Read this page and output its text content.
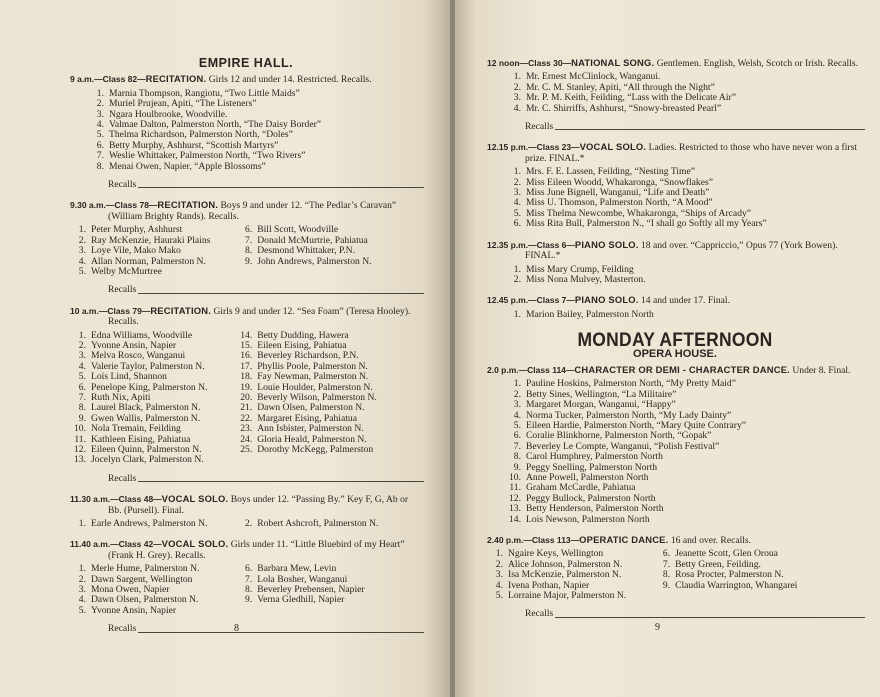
EMPIRE HALL.
9 a.m.—Class 82—RECITATION. Girls 12 and under 14. Restricted. Recalls.
1. Marnia Thompson, Rangiotu, “Two Little Maids”
2. Muriel Prujean, Apiti, “The Listeners”
3. Ngara Houlbrooke, Woodville.
4. Valmae Dalton, Palmerston North, “The Daisy Border”
5. Thelma Richardson, Palmerston North, “Doles”
6. Betty Murphy, Ashhurst, “Scottish Martyrs”
7. Weslie Whittaker, Palmerston North, “Two Rivers”
8. Menai Owen, Napier, “Apple Blossoms”
Recalls
9.30 a.m.—Class 78—RECITATION. Boys 9 and under 12. “The Pedlar’s Caravan” (William Brighty Rands). Recalls.
1. Peter Murphy, Ashhurst
2. Ray McKenzie, Hauraki Plains
3. Loye Vile, Mako Mako
4. Allan Norman, Palmerston N.
5. Welby McMurtree
6. Bill Scott, Woodville
7. Donald McMurtrie, Pahiatua
8. Desmond Whittaker, P.N.
9. John Andrews, Palmerston N.
Recalls
10 a.m.—Class 79—RECITATION. Girls 9 and under 12. “Sea Foam” (Teresa Hooley). Recalls.
1. Edna Williams, Woodville
2. Yvonne Ansin, Napier
3. Melva Rosco, Wanganui
4. Valerie Taylor, Palmerston N.
5. Lois Lind, Shannon
6. Penelope King, Palmerston N.
7. Ruth Nix, Apiti
8. Laurel Black, Palmerston N.
9. Gwen Wallis, Palmerston N.
10. Nola Tremain, Feilding
11. Kathleen Eising, Pahiatua
12. Eileen Quinn, Palmerston N.
13. Jocelyn Clark, Palmerston N.
14. Betty Dudding, Hawera
15. Eileen Eising, Pahiatua
16. Beverley Richardson, P.N.
17. Phyllis Poole, Palmerston N.
18. Fay Newman, Palmerston N.
19. Louie Houlder, Palmerston N.
20. Beverly Wilson, Palmerston N.
21. Dawn Olsen, Palmerston N.
22. Margaret Eising, Pahiatua
23. Ann Isbister, Palmerston N.
24. Gloria Heald, Palmerston N.
25. Dorothy McKegg, Palmerston
Recalls
11.30 a.m.—Class 48—VOCAL SOLO. Boys under 12. “Passing By.” Key F, G, Ab or Bb. (Pursell). Final.
1. Earle Andrews, Palmerston N.	2. Robert Ashcroft, Palmerston N.
11.40 a.m.—Class 42—VOCAL SOLO. Girls under 11. “Little Bluebird of my Heart” (Frank H. Grey). Recalls.
1. Merle Hume, Palmerston N.
2. Dawn Sargent, Wellington
3. Mona Owen, Napier
4. Dawn Olsen, Palmerston N.
5. Yvonne Ansin, Napier
6. Barbara Mew, Levin
7. Lola Bosher, Wanganui
8. Beverley Prebensen, Napier
9. Verna Gledhill, Napier
Recalls	8
12 noon—Class 30—NATIONAL SONG. Gentlemen. English, Welsh, Scotch or Irish. Recalls.
1. Mr. Ernest McClinlock, Wanganui.
2. Mr. C. M. Stanley, Apiti, “All through the Night”
3. Mr. P. M. Keith, Feilding, “Lass with the Delicate Air”
4. Mr. C. Shirriffs, Ashhurst, “Snowy-breasted Pearl”
Recalls
12.15 p.m.—Class 23—VOCAL SOLO. Ladies. Restricted to those who have never won a first prize. FINAL.*
1. Mrs. F. E. Lassen, Feilding, “Nesting Time”
2. Miss Eileen Woodd, Whakaronga, “Snowflakes”
3. Miss June Bignell, Wanganui, “Life and Death”
4. Miss U. Thomson, Palmerston North, “A Mood”
5. Miss Thelma Newcombe, Whakaronga, “Ships of Arcady”
6. Miss Rita Bull, Palmerston N., “I shall go Softly all my Years”
12.35 p.m.—Class 6—PIANO SOLO. 18 and over. “Cappriccio,” Opus 77 (York Bowen). FINAL.*
1. Miss Mary Crump, Feilding
2. Miss Nona Mulvey, Masterton.
12.45 p.m.—Class 7—PIANO SOLO. 14 and under 17. Final.
1. Marion Bailey, Palmerston North
MONDAY AFTERNOON
OPERA HOUSE.
2.0 p.m.—Class 114—CHARACTER OR DEMI - CHARACTER DANCE. Under 8. Final.
1. Pauline Hoskins, Palmerston North, “My Pretty Maid”
2. Betty Sines, Wellington, “La Militaire”
3. Margaret Morgan, Wanganui, “Happy”
4. Norma Tucker, Palmerston North, “My Lady Dainty”
5. Eileen Hardie, Palmerston North, “Mary Quite Contrary”
6. Coralie Blinkhorne, Palmerston North, “Gopak”
7. Beverley Le Compte, Wanganui, “Polish Festival”
8. Carol Humphrey, Palmerston North
9. Peggy Snelling, Palmerston North
10. Anne Powell, Palmerston North
11. Graham McCardle, Pahiatua
12. Peggy Bullock, Palmerston North
13. Betty Henderson, Palmerston North
14. Lois Newson, Palmerston North
2.40 p.m.—Class 113—OPERATIC DANCE. 16 and over. Recalls.
1. Ngaire Keys, Wellington
2. Alice Johnson, Palmerston N.
3. Isa McKenzie, Palmerston N.
4. Ivena Pothan, Napier
5. Lorraine Major, Palmerston N.
6. Jeanette Scott, Glen Oroua
7. Betty Green, Feilding.
8. Rosa Procter, Palmerston N.
9. Claudia Warrington, Whangarei
Recalls
9
